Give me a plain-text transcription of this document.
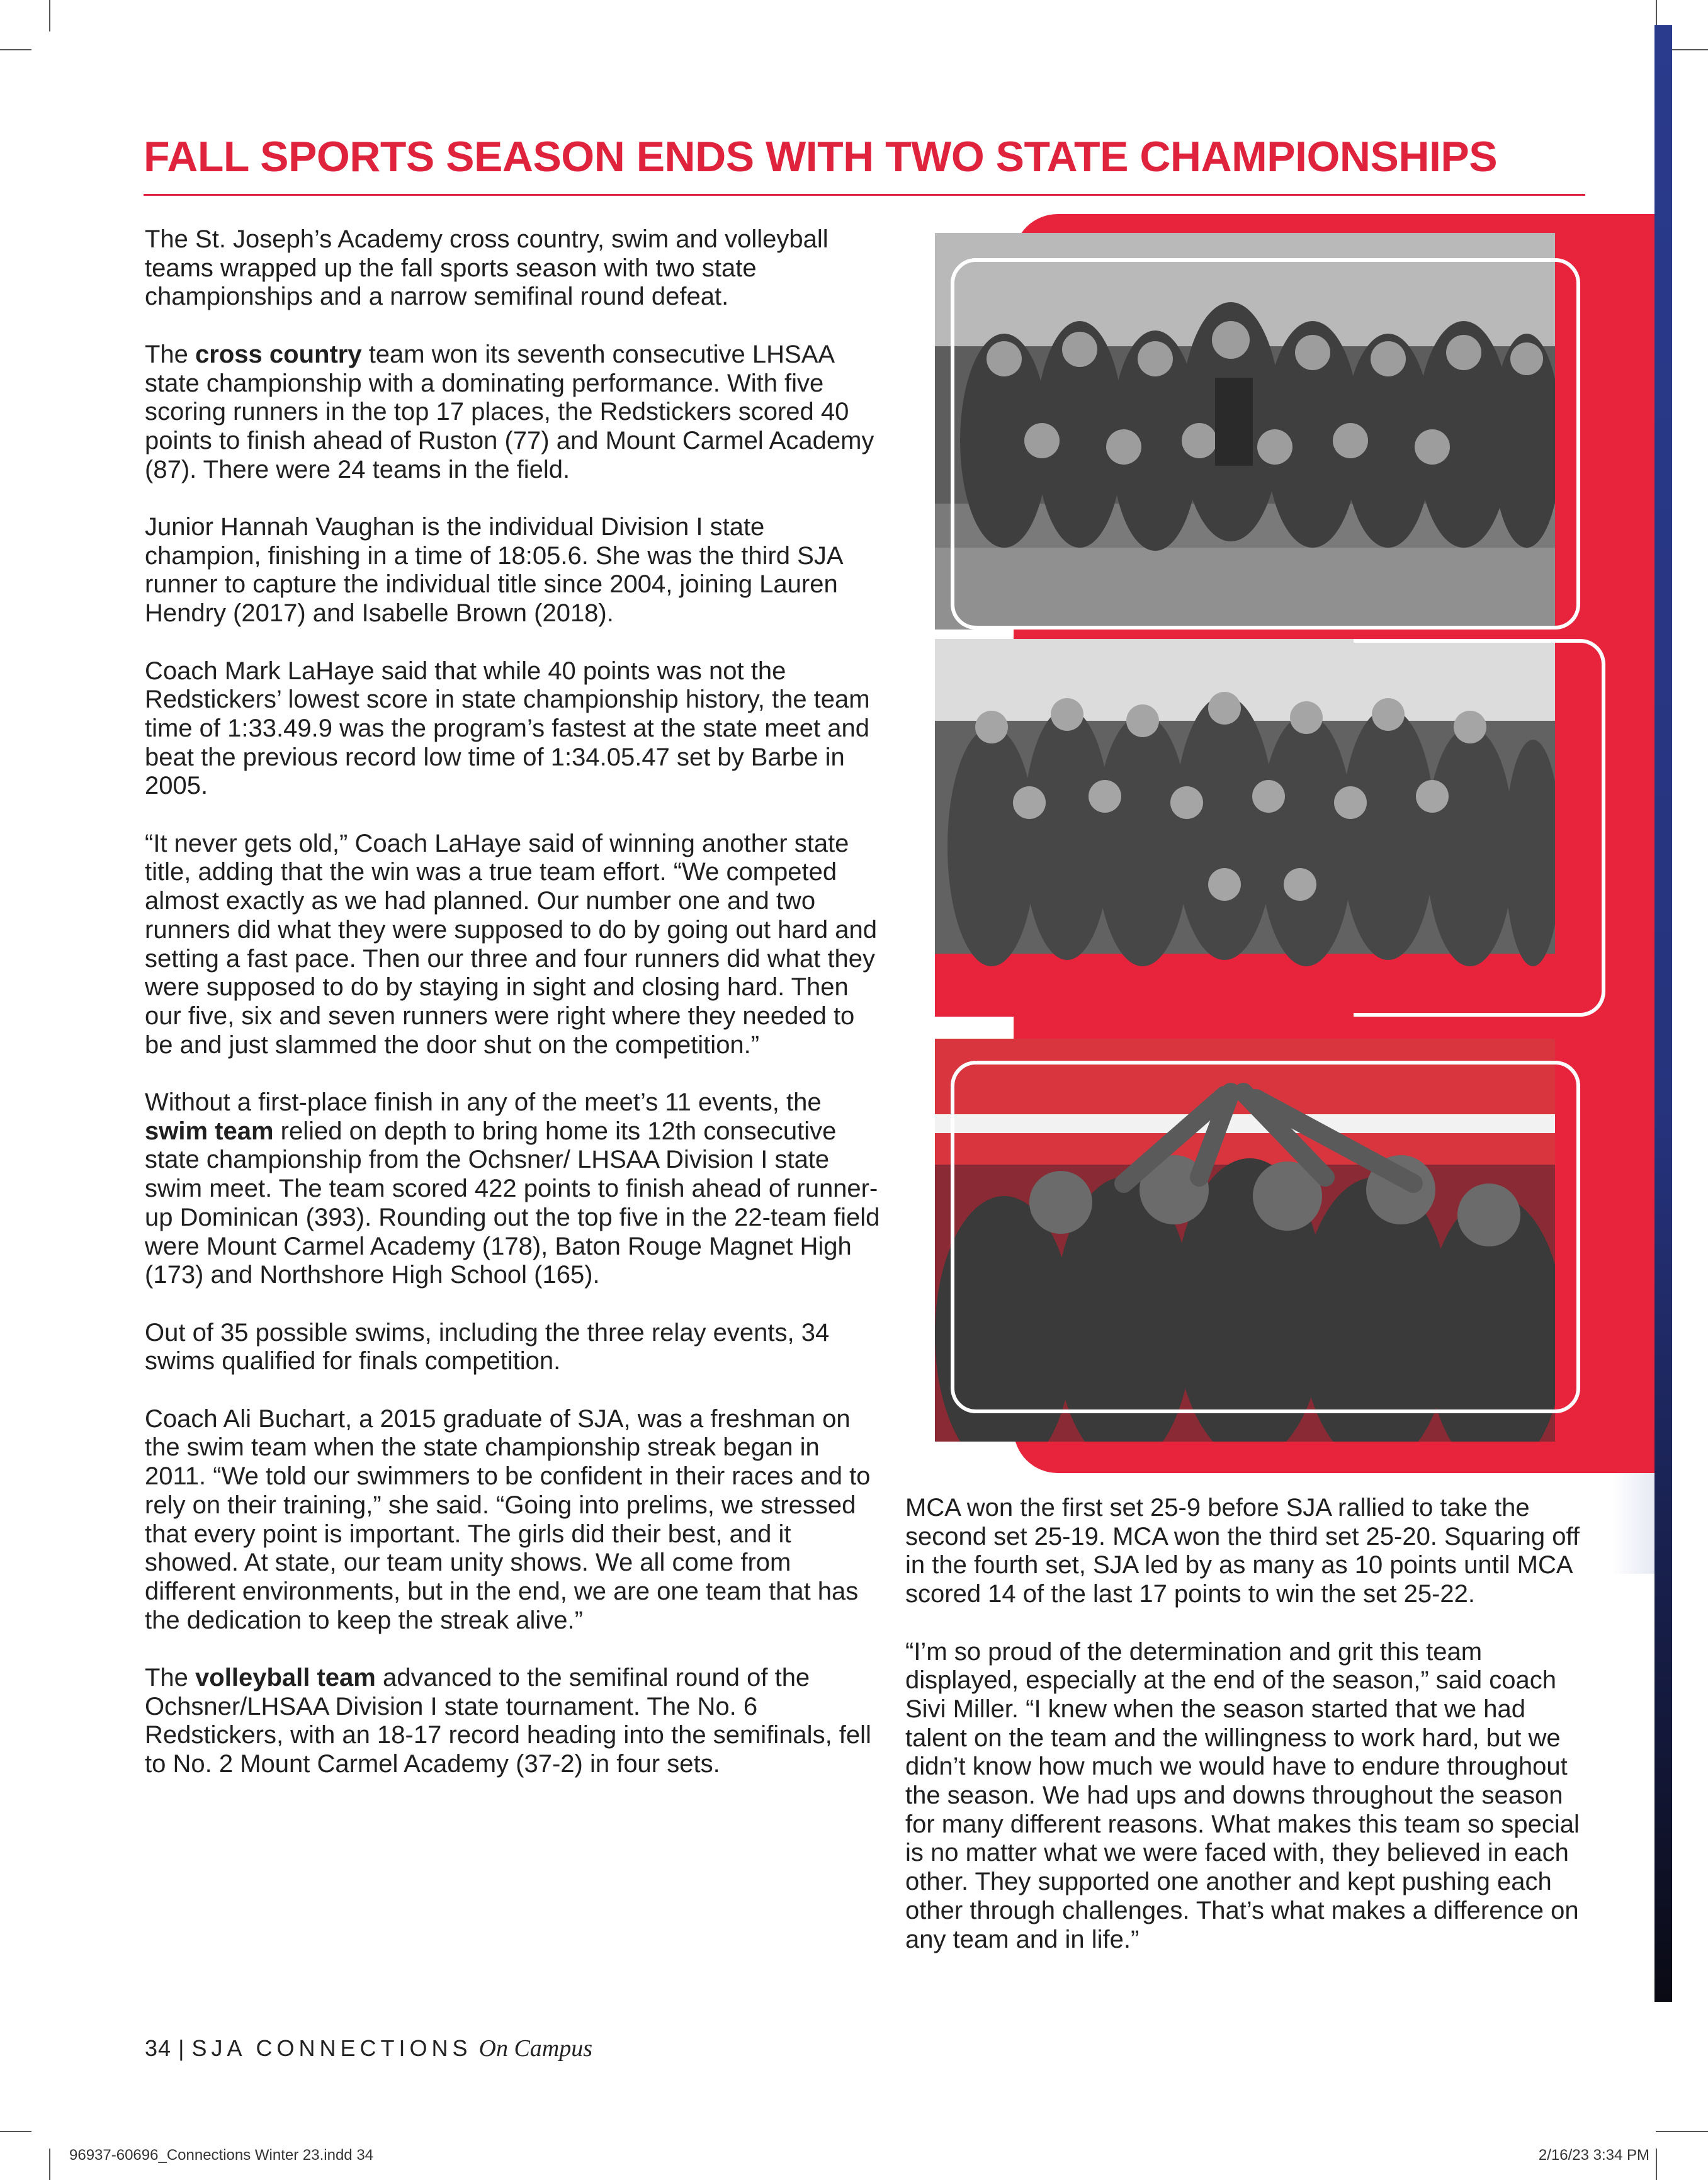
FALL SPORTS SEASON ENDS WITH TWO STATE CHAMPIONSHIPS

The St. Joseph’s Academy cross country, swim and volleyball teams wrapped up the fall sports season with two state championships and a narrow semifinal round defeat.

The cross country team won its seventh consecutive LHSAA state championship with a dominating performance. With five scoring runners in the top 17 places, the Redstickers scored 40 points to finish ahead of Ruston (77) and Mount Carmel Academy (87). There were 24 teams in the field.

Junior Hannah Vaughan is the individual Division I state champion, finishing in a time of 18:05.6. She was the third SJA runner to capture the individual title since 2004, joining Lauren Hendry (2017) and Isabelle Brown (2018).

Coach Mark LaHaye said that while 40 points was not the Redstickers’ lowest score in state championship history, the team time of 1:33.49.9 was the program’s fastest at the state meet and beat the previous record low time of 1:34.05.47 set by Barbe in 2005.

“It never gets old,” Coach LaHaye said of winning another state title, adding that the win was a true team effort. “We competed almost exactly as we had planned. Our number one and two runners did what they were supposed to do by going out hard and setting a fast pace. Then our three and four runners did what they were supposed to do by staying in sight and closing hard. Then our five, six and seven runners were right where they needed to be and just slammed the door shut on the competition.”

Without a first-place finish in any of the meet’s 11 events, the swim team relied on depth to bring home its 12th consecutive state championship from the Ochsner/ LHSAA Division I state swim meet. The team scored 422 points to finish ahead of runner-up Dominican (393). Rounding out the top five in the 22-team field were Mount Carmel Academy (178), Baton Rouge Magnet High (173) and Northshore High School (165).

Out of 35 possible swims, including the three relay events, 34 swims qualified for finals competition.

Coach Ali Buchart, a 2015 graduate of SJA, was a freshman on the swim team when the state championship streak began in 2011. “We told our swimmers to be confident in their races and to rely on their training,” she said. “Going into prelims, we stressed that every point is important. The girls did their best, and it showed. At state, our team unity shows. We all come from different environments, but in the end, we are one team that has the dedication to keep the streak alive.”

The volleyball team advanced to the semifinal round of the Ochsner/LHSAA Division I state tournament. The No. 6 Redstickers, with an 18-17 record heading into the semifinals, fell to No. 2 Mount Carmel Academy (37-2) in four sets.

MCA won the first set 25-9 before SJA rallied to take the second set 25-19. MCA won the third set 25-20. Squaring off in the fourth set, SJA led by as many as 10 points until MCA scored 14 of the last 17 points to win the set 25-22.

“I’m so proud of the determination and grit this team displayed, especially at the end of the season,” said coach Sivi Miller. “I knew when the season started that we had talent on the team and the willingness to work hard, but we didn’t know how much we would have to endure throughout the season. We had ups and downs throughout the season for many different reasons. What makes this team so special is no matter what we were faced with, they believed in each other. They supported one another and kept pushing each other through challenges. That’s what makes a difference on any team and in life.”

34 | SJA CONNECTIONS On Campus
96937-60696_Connections Winter 23.indd 34	2/16/23 3:34 PM
